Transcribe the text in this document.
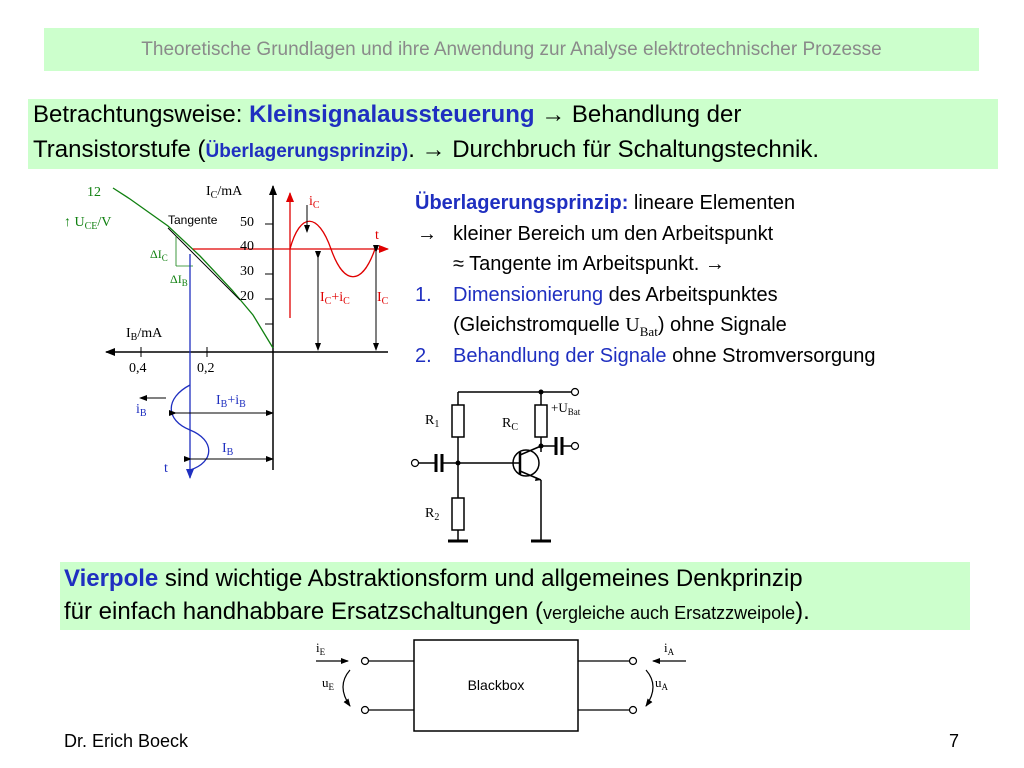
Theoretische Grundlagen und ihre Anwendung zur Analyse elektrotechnischer Prozesse
Betrachtungsweise: Kleinsignalaussteuerung → Behandlung der
Transistorstufe (Überlagerungsprinzip). → Durchbruch für Schaltungstechnik.
Überlagerungsprinzip: lineare Elementen
→ kleiner Bereich um den Arbeitspunkt
≈ Tangente im Arbeitspunkt. →
1. Dimensionierung des Arbeitspunktes
(Gleichstromquelle $U_{Bat}$) ohne Signale
2. Behandlung der Signale ohne Stromversorgung
12
↑ $U_{CE}/V$
$I_C/mA$
Tangente 50
40
30
20
$\Delta I_C$
$\Delta I_B$
$I_B/mA$
0,4	0,2
$i_C$
t
$I_C+i_C$ $I_C$
$i_B$
$I_B+i_B$
$I_B$
t
$+U_{Bat}$
$R_1$	$R_C$
$R_2$
Vierpole sind wichtige Abstraktionsform und allgemeines Denkprinzip
für einfach handhabbare Ersatzschaltungen (vergleiche auch Ersatzzweipole).
Blackbox
$i_E$
$u_E$
$i_A$
$u_A$
Dr. Erich Boeck	7
